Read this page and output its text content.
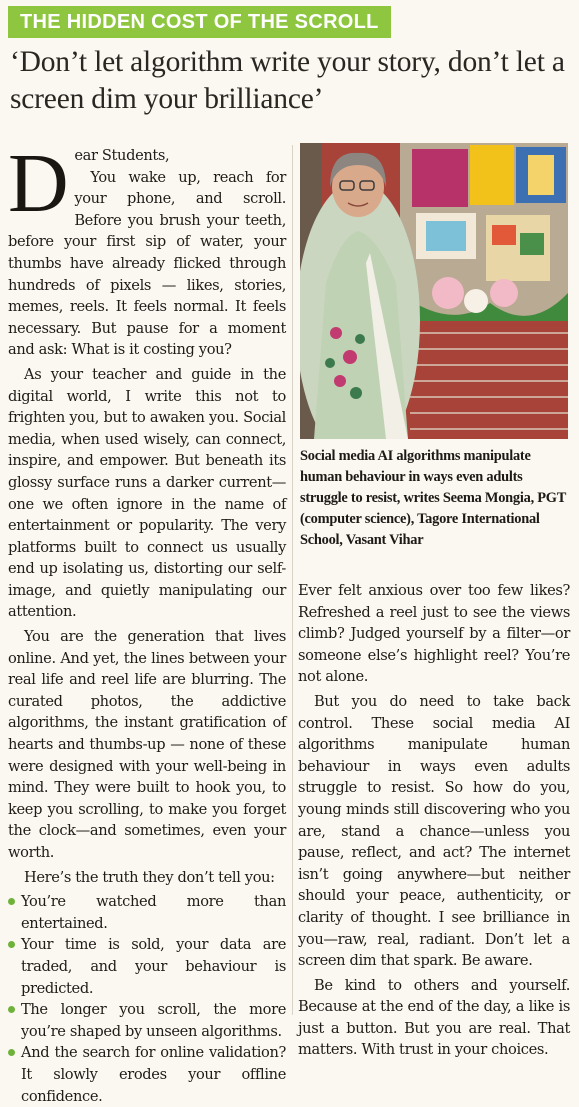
THE HIDDEN COST OF THE SCROLL
‘Don’t let algorithm write your story, don’t let a screen dim your brilliance’

Dear Students,
You wake up, reach for your phone, and scroll. Before you brush your teeth, before your first sip of water, your thumbs have already flicked through hundreds of pixels — likes, stories, memes, reels. It feels normal. It feels necessary. But pause for a moment and ask: What is it costing you?

As your teacher and guide in the digital world, I write this not to frighten you, but to awaken you. Social media, when used wisely, can connect, inspire, and empower. But beneath its glossy surface runs a darker current—one we often ignore in the name of entertainment or popularity. The very platforms built to connect us usually end up isolating us, distorting our self-image, and quietly manipulating our attention.

You are the generation that lives online. And yet, the lines between your real life and reel life are blurring. The curated photos, the addictive algorithms, the instant gratification of hearts and thumbs-up — none of these were designed with your well-being in mind. They were built to hook you, to keep you scrolling, to make you forget the clock—and sometimes, even your worth.

Here’s the truth they don’t tell you:

You’re watched more than entertained.
Your time is sold, your data are traded, and your behaviour is predicted.
The longer you scroll, the more you’re shaped by unseen algorithms.
And the search for online validation? It slowly erodes your offline confidence.

Social media AI algorithms manipulate human behaviour in ways even adults struggle to resist, writes Seema Mongia, PGT (computer science), Tagore International School, Vasant Vihar

Ever felt anxious over too few likes? Refreshed a reel just to see the views climb? Judged yourself by a filter—or someone else’s highlight reel? You’re not alone.

But you do need to take back control. These social media AI algorithms manipulate human behaviour in ways even adults struggle to resist. So how do you, young minds still discovering who you are, stand a chance—unless you pause, reflect, and act? The internet isn’t going anywhere—but neither should your peace, authenticity, or clarity of thought. I see brilliance in you—raw, real, radiant. Don’t let a screen dim that spark. Be aware.

Be kind to others and yourself. Because at the end of the day, a like is just a button. But you are real. That matters. With trust in your choices.
